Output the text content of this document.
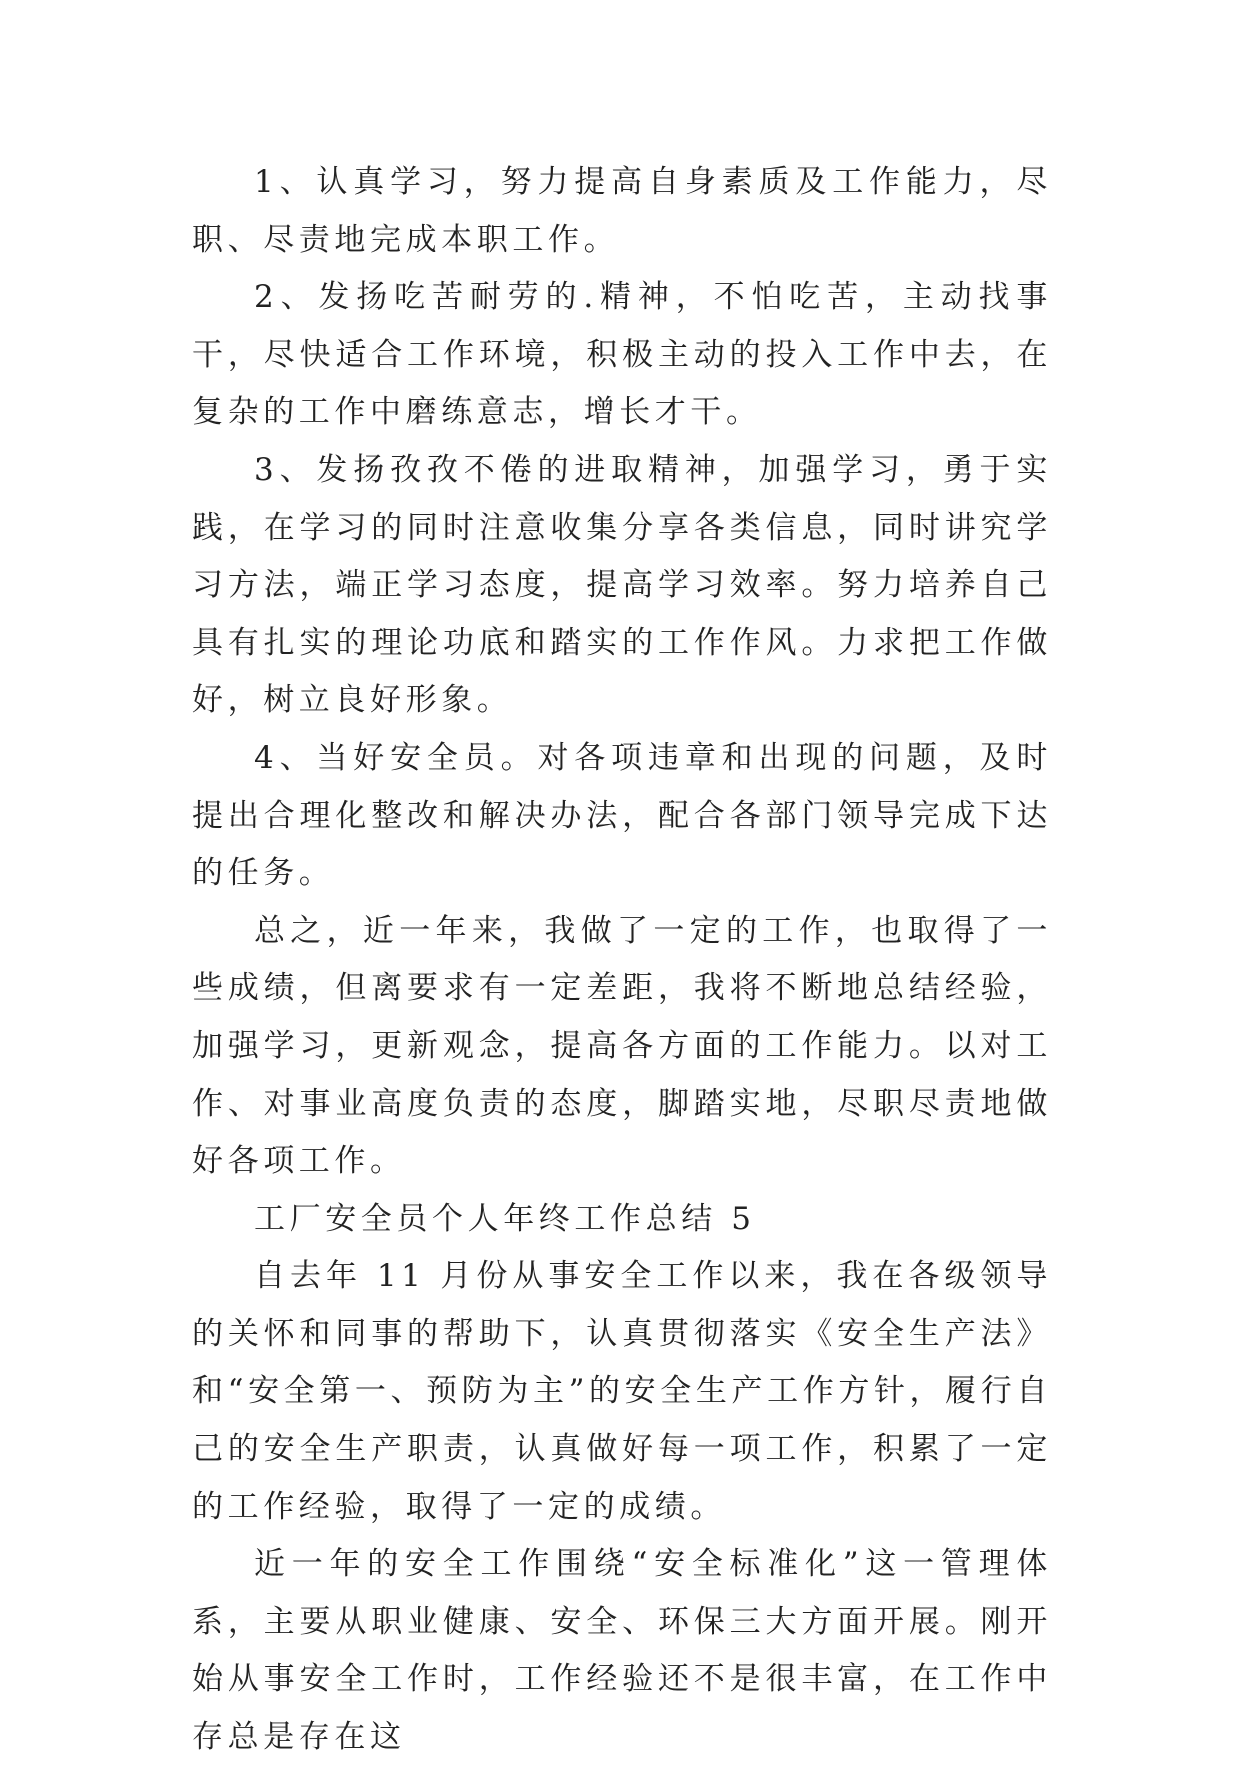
1、认真学习，努力提高自身素质及工作能力，尽职、尽责地完成本职工作。

2、发扬吃苦耐劳的.精神，不怕吃苦，主动找事干，尽快适合工作环境，积极主动的投入工作中去，在复杂的工作中磨练意志，增长才干。

3、发扬孜孜不倦的进取精神，加强学习，勇于实践，在学习的同时注意收集分享各类信息，同时讲究学习方法，端正学习态度，提高学习效率。努力培养自己具有扎实的理论功底和踏实的工作作风。力求把工作做好，树立良好形象。

4、当好安全员。对各项违章和出现的问题，及时提出合理化整改和解决办法，配合各部门领导完成下达的任务。

总之，近一年来，我做了一定的工作，也取得了一些成绩，但离要求有一定差距，我将不断地总结经验，加强学习，更新观念，提高各方面的工作能力。以对工作、对事业高度负责的态度，脚踏实地，尽职尽责地做好各项工作。

工厂安全员个人年终工作总结 5

自去年 11 月份从事安全工作以来，我在各级领导的关怀和同事的帮助下，认真贯彻落实《安全生产法》和“安全第一、预防为主”的安全生产工作方针，履行自己的安全生产职责，认真做好每一项工作，积累了一定的工作经验，取得了一定的成绩。

近一年的安全工作围绕“安全标准化”这一管理体系，主要从职业健康、安全、环保三大方面开展。刚开始从事安全工作时，工作经验还不是很丰富，在工作中存总是存在这
